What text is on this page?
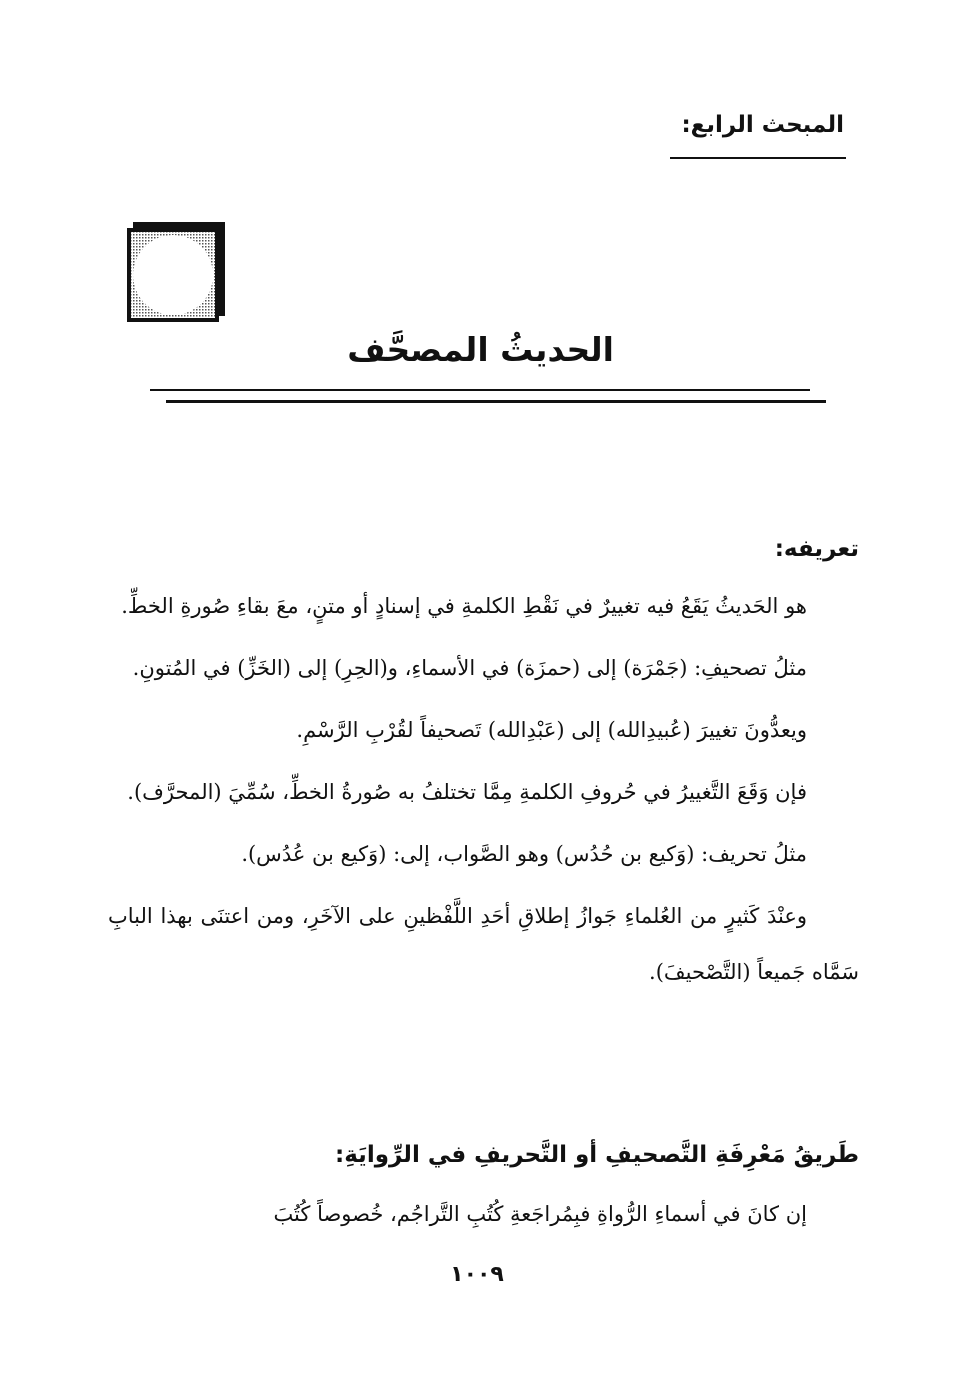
المبحث الرابع:
الحديثُ المصحَّف
تعريفه:

هو الحَديثُ يَقَعُ فيه تغييرٌ في نَقْطِ الكلمةِ في إسنادٍ أو متنٍ، معَ بقاءِ صُورةِ الخطِّ.

مثلُ تصحيفِ: (جَمْرَة) إلى (حمزَة) في الأسماءِ، و(الحِرِ) إلى (الخَزِّ) في المُتونِ.

ويعدُّونَ تغييرَ (عُبيدِالله) إلى (عَبْدِالله) تَصحيفاً لقُرْبِ الرَّسْمِ.

فإن وَقَعَ التَّغييرُ في حُروفِ الكلمةِ مِمَّا تختلفُ به صُورةُ الخطِّ، سُمِّيَ (المحرَّف).

مثلُ تحريف: (وَكيع بن حُدُس) وهو الصَّواب، إلى: (وَكيع بن عُدُس).

وعنْدَ كَثيرٍ من العُلماءِ جَوازُ إطلاقِ أحَدِ اللَّفْظينِ على الآخَرِ، ومن اعتنَى بهذا البابِ سَمَّاه جَميعاً (التَّصْحيفَ).

طَريقُ مَعْرِفَةِ التَّصحيفِ أو التَّحريفِ في الرِّوايَةِ:

إن كانَ في أسماءِ الرُّواةِ فبِمُراجَعةِ كُتُبِ التَّراجُم، خُصوصاً كُتُبَ

١٠٠٩
